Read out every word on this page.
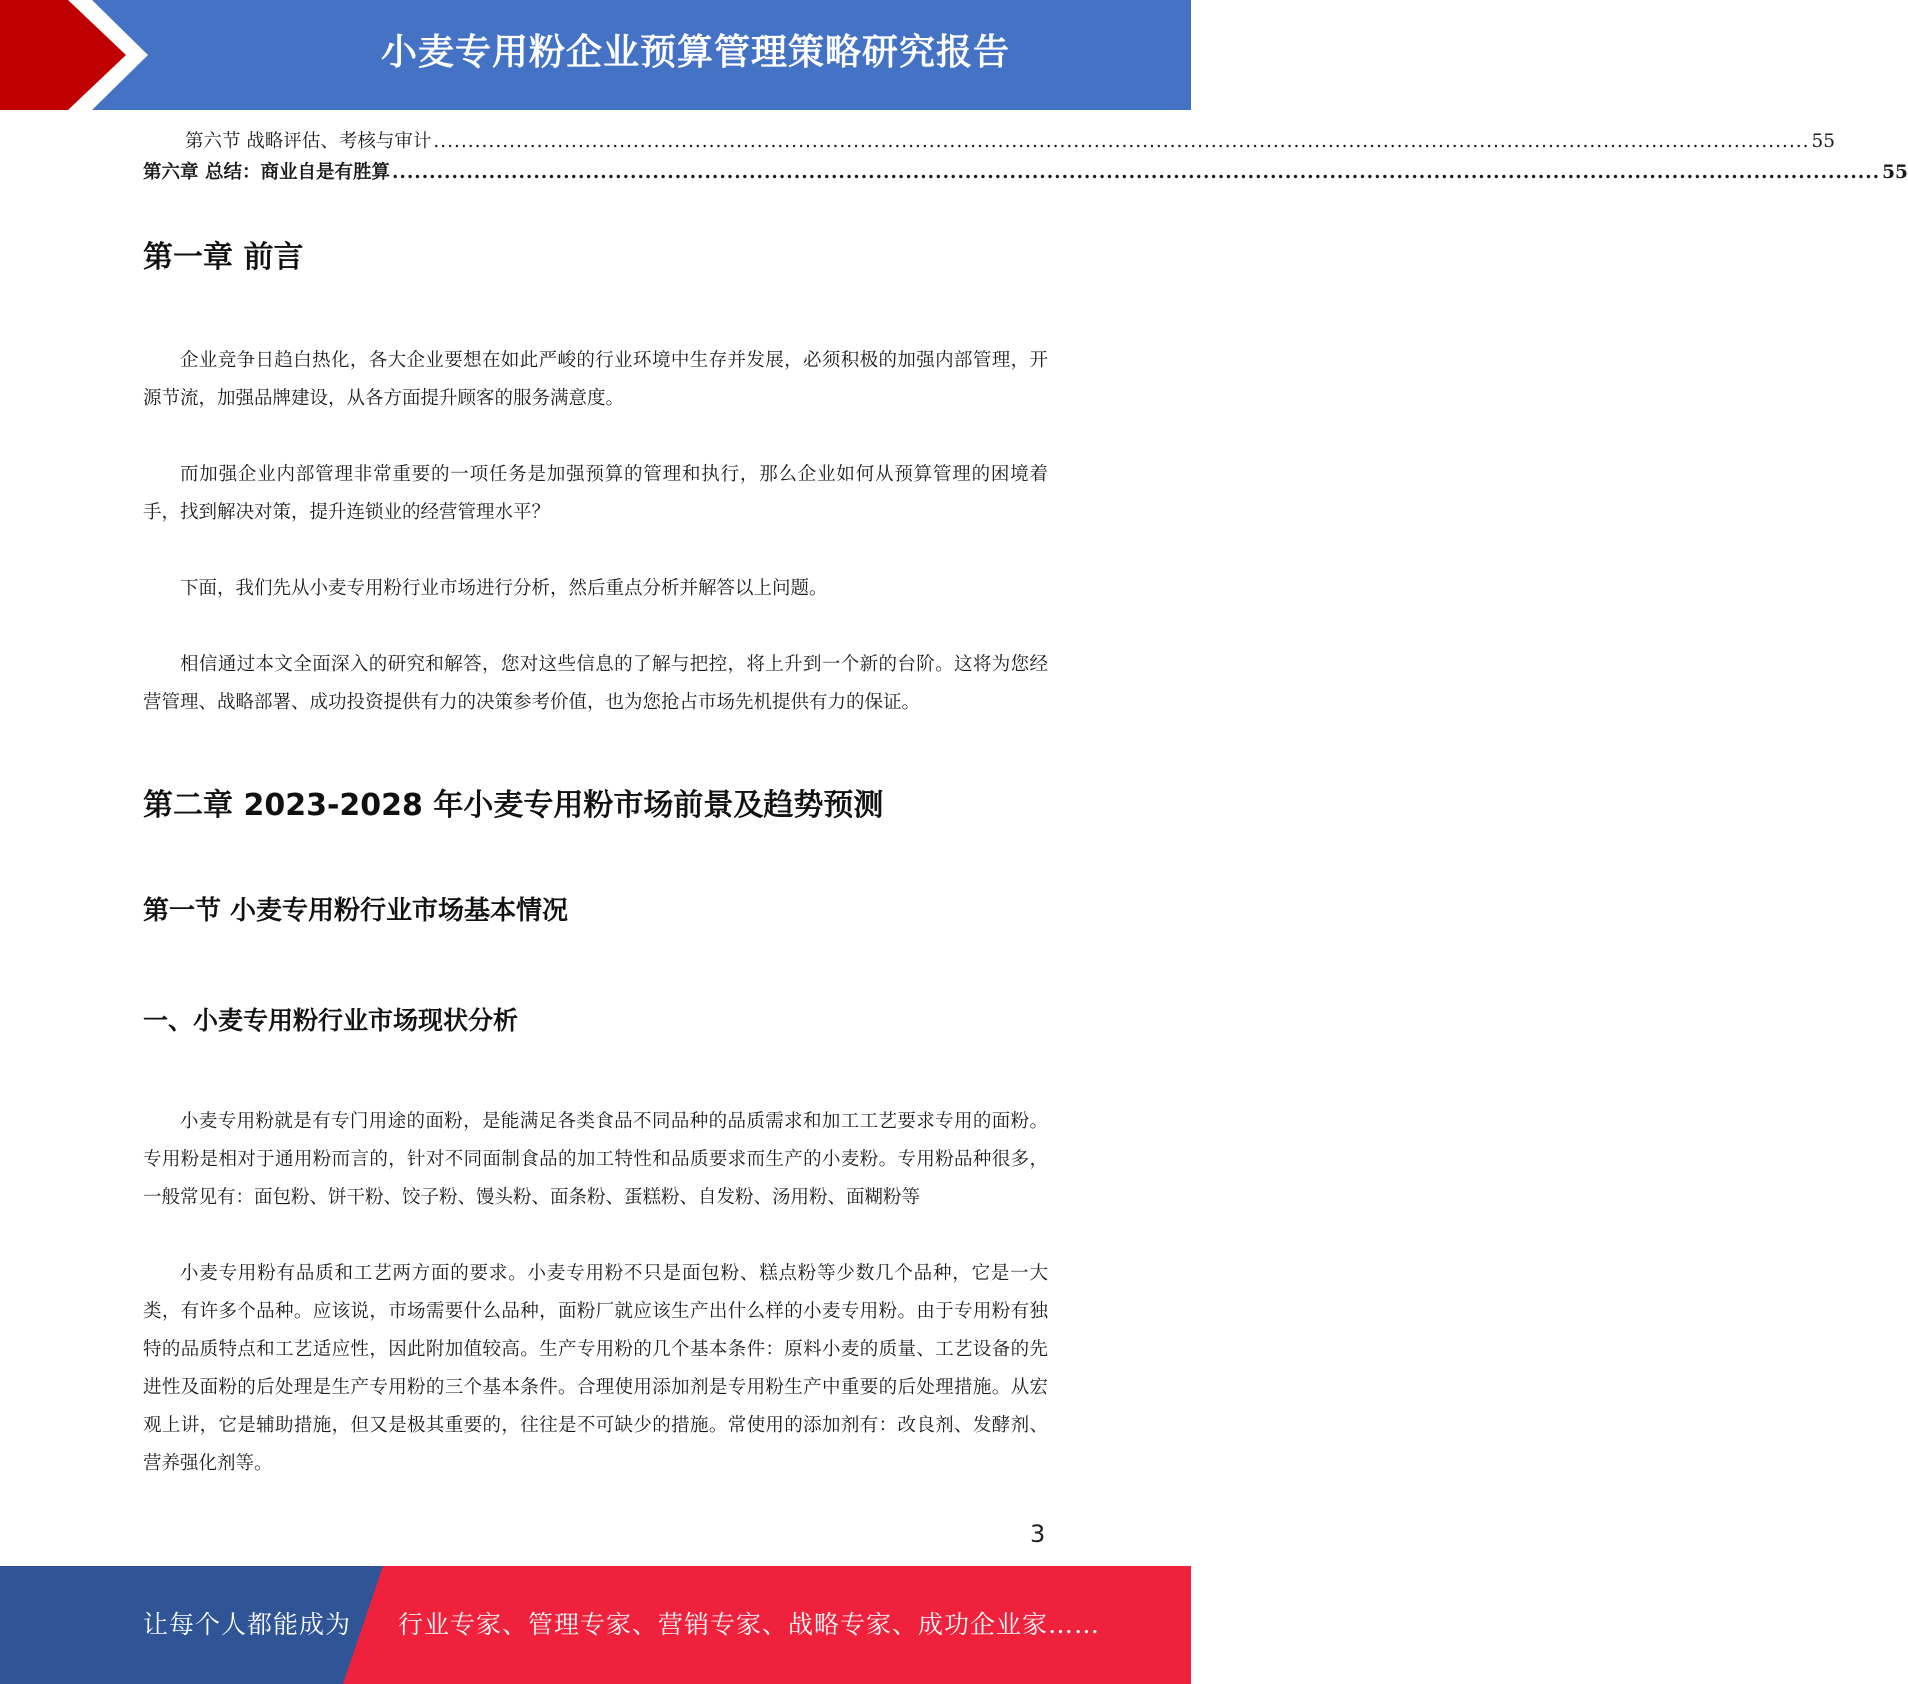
小麦专用粉企业预算管理策略研究报告
第六节 战略评估、考核与审计 ........................................................................................................................................................................................................ 55
第六章 总结：商业自是有胜算 ........................................................................................................................................................................................................ 55
第一章 前言

企业竞争日趋白热化，各大企业要想在如此严峻的行业环境中生存并发展，必须积极的加强内部管理，开源节流，加强品牌建设，从各方面提升顾客的服务满意度。

而加强企业内部管理非常重要的一项任务是加强预算的管理和执行，那么企业如何从预算管理的困境着手，找到解决对策，提升连锁业的经营管理水平？

下面，我们先从小麦专用粉行业市场进行分析，然后重点分析并解答以上问题。

相信通过本文全面深入的研究和解答，您对这些信息的了解与把控，将上升到一个新的台阶。这将为您经营管理、战略部署、成功投资提供有力的决策参考价值，也为您抢占市场先机提供有力的保证。

第二章 2023-2028 年小麦专用粉市场前景及趋势预测
第一节 小麦专用粉行业市场基本情况
一、小麦专用粉行业市场现状分析

小麦专用粉就是有专门用途的面粉，是能满足各类食品不同品种的品质需求和加工工艺要求专用的面粉。专用粉是相对于通用粉而言的，针对不同面制食品的加工特性和品质要求而生产的小麦粉。专用粉品种很多，一般常见有：面包粉、饼干粉、饺子粉、馒头粉、面条粉、蛋糕粉、自发粉、汤用粉、面糊粉等

小麦专用粉有品质和工艺两方面的要求。小麦专用粉不只是面包粉、糕点粉等少数几个品种，它是一大类，有许多个品种。应该说，市场需要什么品种，面粉厂就应该生产出什么样的小麦专用粉。由于专用粉有独特的品质特点和工艺适应性，因此附加值较高。生产专用粉的几个基本条件：原料小麦的质量、工艺设备的先进性及面粉的后处理是生产专用粉的三个基本条件。合理使用添加剂是专用粉生产中重要的后处理措施。从宏观上讲，它是辅助措施，但又是极其重要的，往往是不可缺少的措施。常使用的添加剂有：改良剂、发酵剂、营养强化剂等。

3
让每个人都能成为 行业专家、管理专家、营销专家、战略专家、成功企业家……
